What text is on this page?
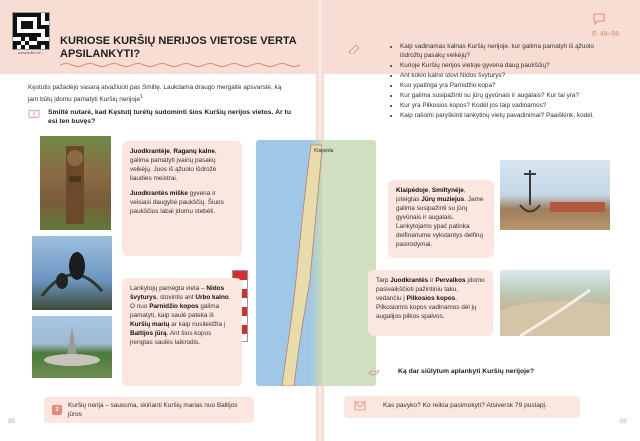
www.ilukiu.lt/...
KURIOSE KURŠIŲ NERIJOS VIETOSE VERTA APSILANKYTI?
P. 49–50
Kęstutis pažadėjo vasarą atvažiuoti pas Smiltę. Laukdama draugo mergaitė apsvarstė, ką jam būtų įdomu pamatyti Kuršių nerijoje$^1$
Smiltė nutarė, kad Kęstutį turėtų sudominti šios Kuršių nerijos vietos. Ar tu esi ten buvęs?
Klaipėda
Juodkrantėje, Raganų kalne, galima pamatyti įvairių pasakų veikėjų. Juos iš ąžuolo išdrožė liaudies meistrai.
Juodkrantės miške gyvena ir veisiasi daugybė paukščių. Šiuos paukščius labai įdomu stebėti.
Lankytojų pamėgta vieta – Nidos švyturys, stovintis ant Urbo kalno.
O nuo Parnidžio kopos galima pamatyti, kaip saulė pateka iš Kuršių marių ar kaip nusileidžia į Baltijos jūrą. Ant šios kopos įrengtas saulės laikrodis.
Klaipėdoje, Smiltynėje, įsteigtas Jūrų muziejus. Jame galima susipažinti su jūrų gyvūnais ir augalais. Lankytojams ypač patinka delfinariume vykstantys delfinų pasirodymai.
Tarp Juodkrantės ir Pervalkos įdomu pasivaikščioti pažintiniu taku, vedančiu į Pilkosios kopos. Pilkosiomis kopos vadinamos dėl jų augalijos pilkos spalvos.
• Kaip vadinamas kalnas Kuršių nerijoje, kur galima pamatyti iš ąžuolo išdrožtų pasakų veikėjų?
• Kurioje Kuršių nerijos vietoje gyvena daug paukščių?
• Ant kokio kalno stovi Nidos švyturys?
• Kuo ypatinga yra Parnidžio kopa?
• Kur galima susipažinti su jūrų gyvūnais ir augalais? Kur tai yra?
• Kur yra Pilkosios kopos? Kodėl jos taip vadinamos?
• Kaip rašomi paryškinti lankytinų vietų pavadinimai? Paaiškink, kodėl.
Ką dar siūlytum aplankyti Kuršių nerijoje?
2
Kuršių nerija – sausuma, skirianti Kuršių marias nuo Baltijos jūros
Kas pavyko? Ko reikia pasimokyti? Atsiversk 79 puslapį.
88	89
